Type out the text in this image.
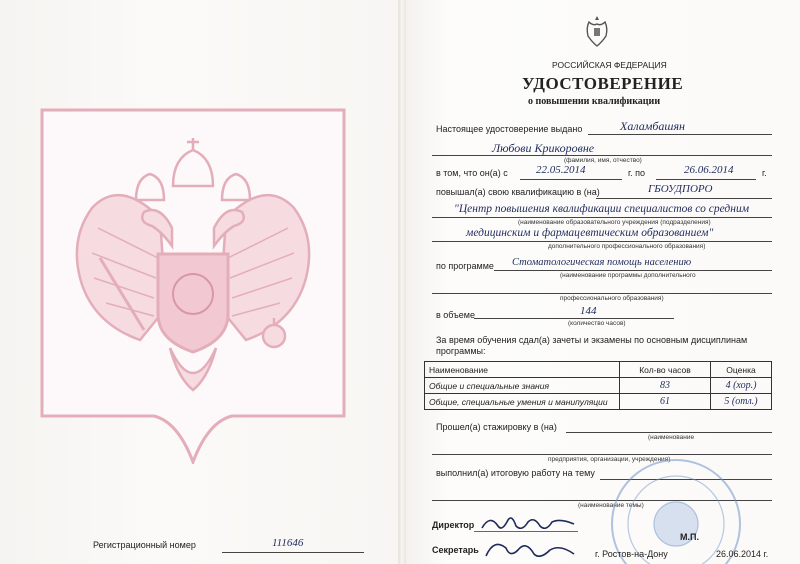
Регистрационный номер	111646
РОССИЙСКАЯ ФЕДЕРАЦИЯ
УДОСТОВЕРЕНИЕ
о повышении квалификации
Настоящее удостоверение выдано	Халамбашян
Любови Крикоровне
(фамилия, имя, отчество)
в том, что он(а) с	22.05.2014	г. по	26.06.2014	г.
повышал(а) свою квалификацию в (на)	ГБОУДПОРО
"Центр повышения квалификации специалистов со средним
(наименование образовательного учреждения (подразделения)
медицинским и фармацевтическим образованием"
дополнительного профессионального образования)
по программе Стоматологическая помощь населению
(наименование программы дополнительного
профессионального образования)
в объеме	144
(количество часов)
За время обучения сдал(а) зачеты и экзамены по основным дисциплинам
программы:
Наименование	Кол-во часов	Оценка
Общие и специальные знания	83	4 (хор.)
Общие, специальные умения и манипуляции	61	5 (отл.)
Прошел(а) стажировку в (на)
(наименование
предприятия, организации, учреждения)
выполнил(а) итоговую работу на тему
(наименование темы)
Директор
М.П.
Секретарь	г. Ростов-на-Дону	26.06.2014 г.
